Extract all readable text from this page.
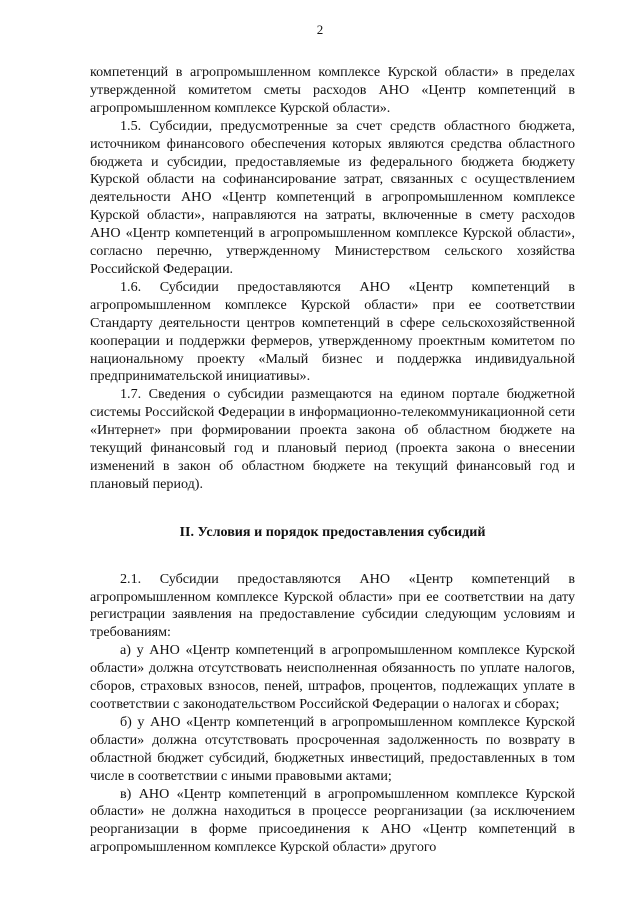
2

компетенций в агропромышленном комплексе Курской области» в пределах утвержденной комитетом сметы расходов АНО «Центр компетенций в агропромышленном комплексе Курской области».

1.5. Субсидии, предусмотренные за счет средств областного бюджета, источником финансового обеспечения которых являются средства областного бюджета и субсидии, предоставляемые из федерального бюджета бюджету Курской области на софинансирование затрат, связанных с осуществлением деятельности АНО «Центр компетенций в агропромышленном комплексе Курской области», направляются на затраты, включенные в смету расходов АНО «Центр компетенций в агропромышленном комплексе Курской области», согласно перечню, утвержденному Министерством сельского хозяйства Российской Федерации.

1.6. Субсидии предоставляются АНО «Центр компетенций в агропромышленном комплексе Курской области» при ее соответствии Стандарту деятельности центров компетенций в сфере сельскохозяйственной кооперации и поддержки фермеров, утвержденному проектным комитетом по национальному проекту «Малый бизнес и поддержка индивидуальной предпринимательской инициативы».

1.7. Сведения о субсидии размещаются на едином портале бюджетной системы Российской Федерации в информационно-телекоммуникационной сети «Интернет» при формировании проекта закона об областном бюджете на текущий финансовый год и плановый период (проекта закона о внесении изменений в закон об областном бюджете на текущий финансовый год и плановый период).

II. Условия и порядок предоставления субсидий

2.1. Субсидии предоставляются АНО «Центр компетенций в агропромышленном комплексе Курской области» при ее соответствии на дату регистрации заявления на предоставление субсидии следующим условиям и требованиям:

а) у АНО «Центр компетенций в агропромышленном комплексе Курской области» должна отсутствовать неисполненная обязанность по уплате налогов, сборов, страховых взносов, пеней, штрафов, процентов, подлежащих уплате в соответствии с законодательством Российской Федерации о налогах и сборах;

б) у АНО «Центр компетенций в агропромышленном комплексе Курской области» должна отсутствовать просроченная задолженность по возврату в областной бюджет субсидий, бюджетных инвестиций, предоставленных в том числе в соответствии с иными правовыми актами;

в) АНО «Центр компетенций в агропромышленном комплексе Курской области» не должна находиться в процессе реорганизации (за исключением реорганизации в форме присоединения к АНО «Центр компетенций в агропромышленном комплексе Курской области» другого
